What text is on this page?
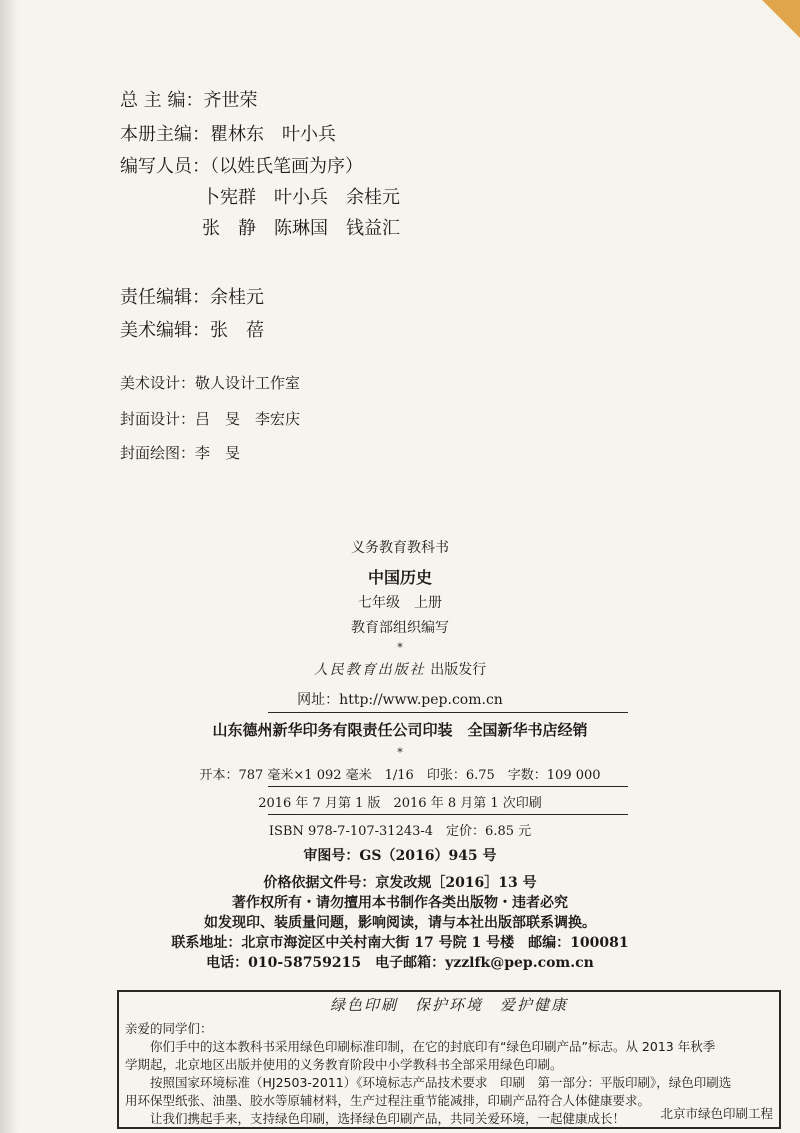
总 主 编：齐世荣
本册主编：瞿林东　叶小兵
编写人员：（以姓氏笔画为序）
卜宪群　叶小兵　余桂元
张　静　陈琳国　钱益汇
责任编辑：余桂元
美术编辑：张　蓓
美术设计：敬人设计工作室
封面设计：吕　旻　李宏庆
封面绘图：李　旻
义务教育教科书
中国历史
七年级　上册
教育部组织编写
*
人民教育出版社 出版发行
网址：http://www.pep.com.cn
山东德州新华印务有限责任公司印装　全国新华书店经销
*
开本：787 毫米×1 092 毫米　1/16　印张：6.75　字数：109 000
2016 年 7 月第 1 版　2016 年 8 月第 1 次印刷
ISBN 978-7-107-31243-4　定价：6.85 元
审图号：GS（2016）945 号
价格依据文件号：京发改规［2016］13 号
著作权所有・请勿擅用本书制作各类出版物・违者必究
如发现印、装质量问题，影响阅读，请与本社出版部联系调换。
联系地址：北京市海淀区中关村南大街 17 号院 1 号楼　邮编：100081
电话：010-58759215　电子邮箱：yzzlfk@pep.com.cn
绿色印刷　保护环境　爱护健康
亲爱的同学们：
　　你们手中的这本教科书采用绿色印刷标准印制，在它的封底印有“绿色印刷产品”标志。从 2013 年秋季
学期起，北京地区出版并使用的义务教育阶段中小学教科书全部采用绿色印刷。
　　按照国家环境标准（HJ2503-2011）《环境标志产品技术要求　印刷　第一部分：平版印刷》，绿色印刷选
用环保型纸张、油墨、胶水等原辅材料，生产过程注重节能减排，印刷产品符合人体健康要求。
　　让我们携起手来，支持绿色印刷，选择绿色印刷产品，共同关爱环境，一起健康成长！	北京市绿色印刷工程
